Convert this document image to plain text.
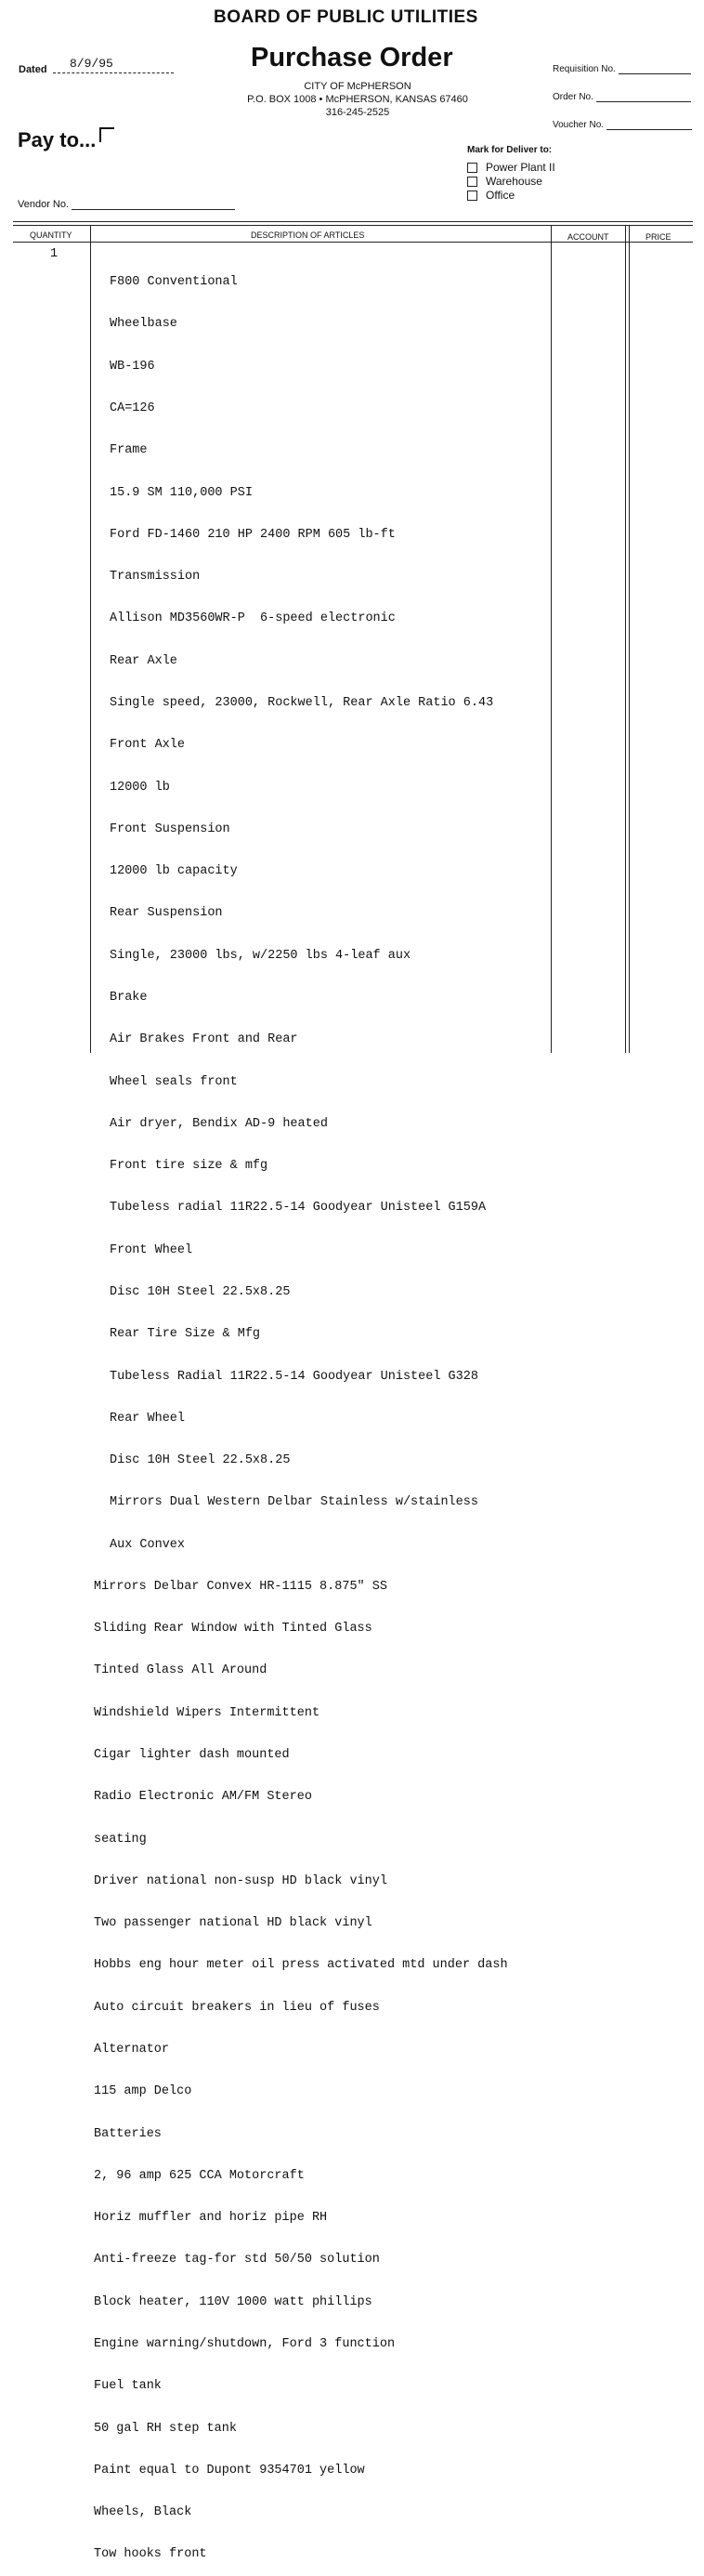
BOARD OF PUBLIC UTILITIES
Purchase Order
CITY OF McPHERSON
P.O. BOX 1008 • McPHERSON, KANSAS 67460
316-245-2525
Dated 8/9/95	Requisition No.
Order No.
Voucher No.
Pay to...	Mark for Deliver to:
Power Plant II
Warehouse
Office
Vendor No.
QUANTITY	DESCRIPTION OF ARTICLES	ACCOUNT	PRICE
1

F800 Conventional

Wheelbase

WB-196

CA=126

Frame

15.9 SM 110,000 PSI

Ford FD-1460 210 HP 2400 RPM 605 lb-ft

Transmission

Allison MD3560WR-P  6-speed electronic

Rear Axle

Single speed, 23000, Rockwell, Rear Axle Ratio 6.43

Front Axle

12000 lb

Front Suspension

12000 lb capacity

Rear Suspension

Single, 23000 lbs, w/2250 lbs 4-leaf aux

Brake

Air Brakes Front and Rear

Wheel seals front

Air dryer, Bendix AD-9 heated

Front tire size & mfg

Tubeless radial 11R22.5-14 Goodyear Unisteel G159A

Front Wheel

Disc 10H Steel 22.5x8.25

Rear Tire Size & Mfg

Tubeless Radial 11R22.5-14 Goodyear Unisteel G328

Rear Wheel

Disc 10H Steel 22.5x8.25

Mirrors Dual Western Delbar Stainless w/stainless

Aux Convex

Mirrors Delbar Convex HR-1115 8.875" SS

Sliding Rear Window with Tinted Glass

Tinted Glass All Around

Windshield Wipers Intermittent

Cigar lighter dash mounted

Radio Electronic AM/FM Stereo

seating

Driver national non-susp HD black vinyl

Two passenger national HD black vinyl

Hobbs eng hour meter oil press activated mtd under dash

Auto circuit breakers in lieu of fuses

Alternator

115 amp Delco

Batteries

2, 96 amp 625 CCA Motorcraft

Horiz muffler and horiz pipe RH

Anti-freeze tag-for std 50/50 solution

Block heater, 110V 1000 watt phillips

Engine warning/shutdown, Ford 3 function

Fuel tank

50 gal RH step tank

Paint equal to Dupont 9354701 yellow

Wheels, Black

Tow hooks front
